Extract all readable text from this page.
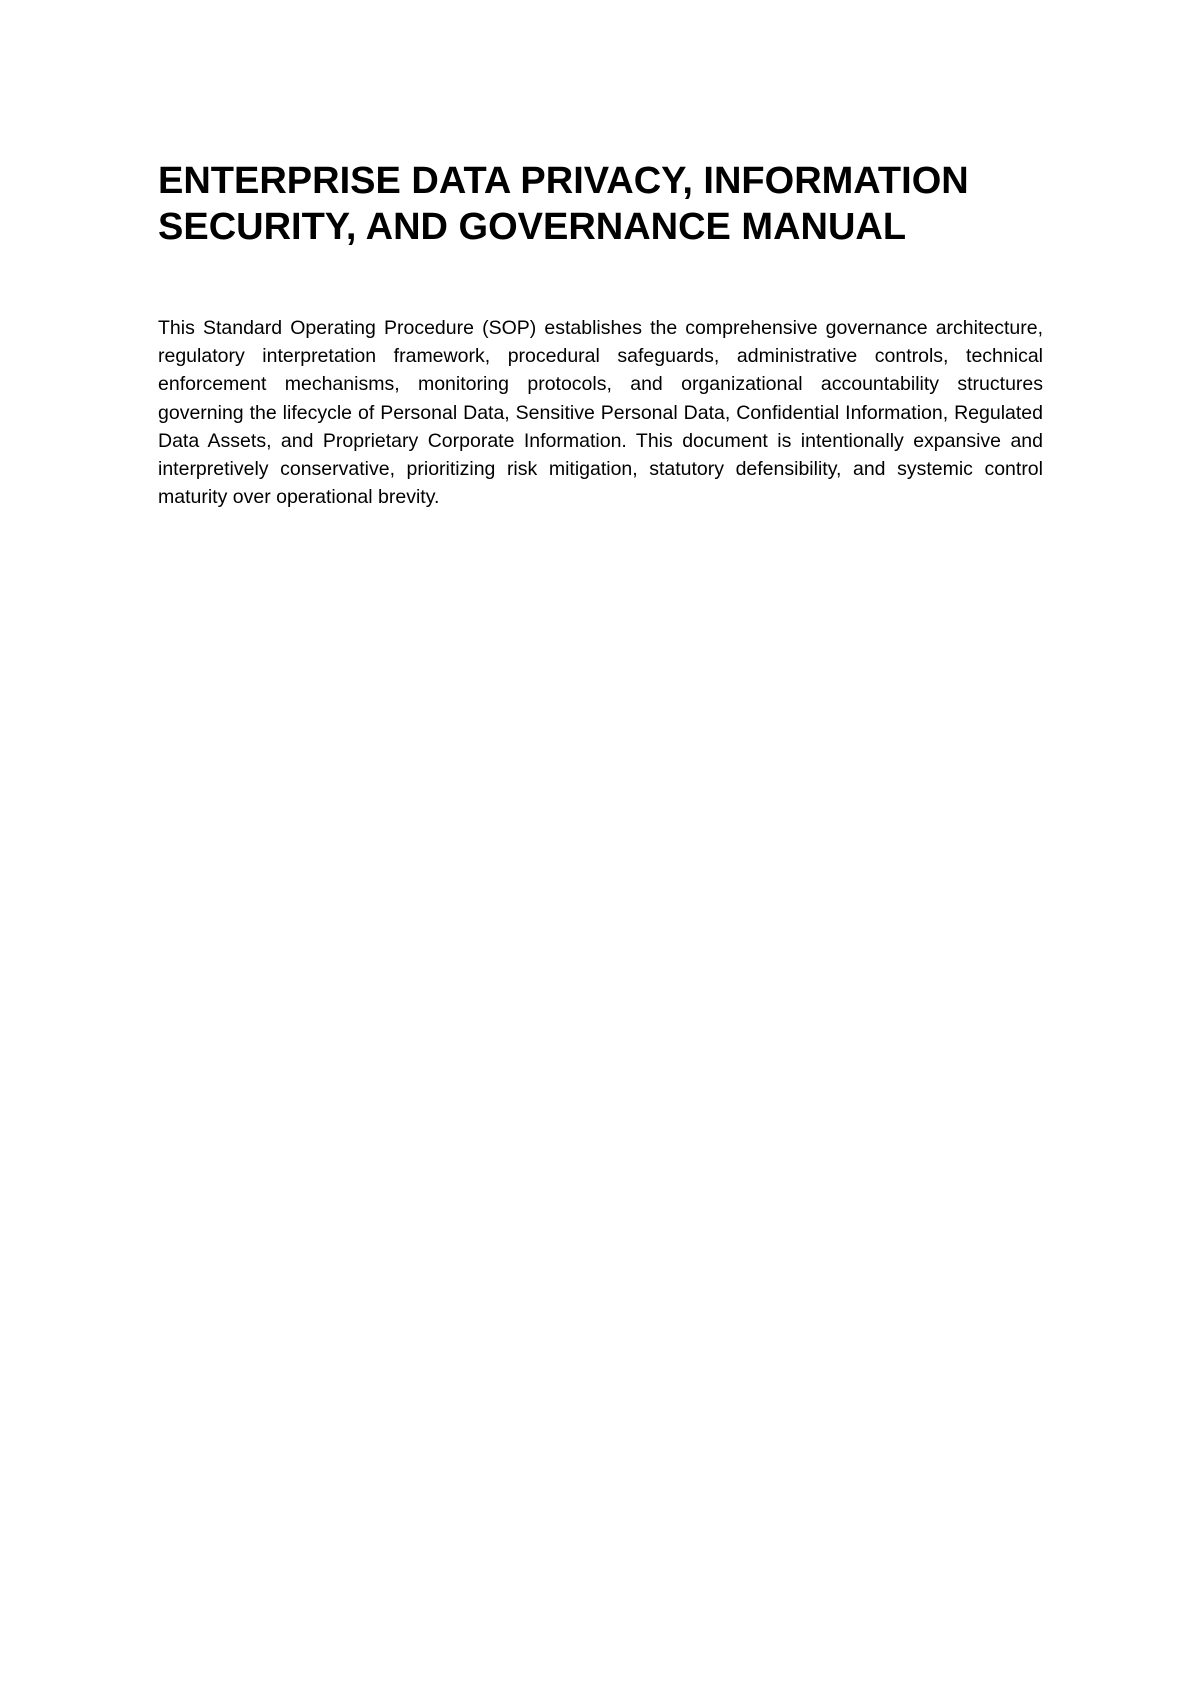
ENTERPRISE DATA PRIVACY, INFORMATION SECURITY, AND GOVERNANCE MANUAL

This Standard Operating Procedure (SOP) establishes the comprehensive governance architecture, regulatory interpretation framework, procedural safeguards, administrative controls, technical enforcement mechanisms, monitoring protocols, and organizational accountability structures governing the lifecycle of Personal Data, Sensitive Personal Data, Confidential Information, Regulated Data Assets, and Proprietary Corporate Information. This document is intentionally expansive and interpretively conservative, prioritizing risk mitigation, statutory defensibility, and systemic control maturity over operational brevity.
